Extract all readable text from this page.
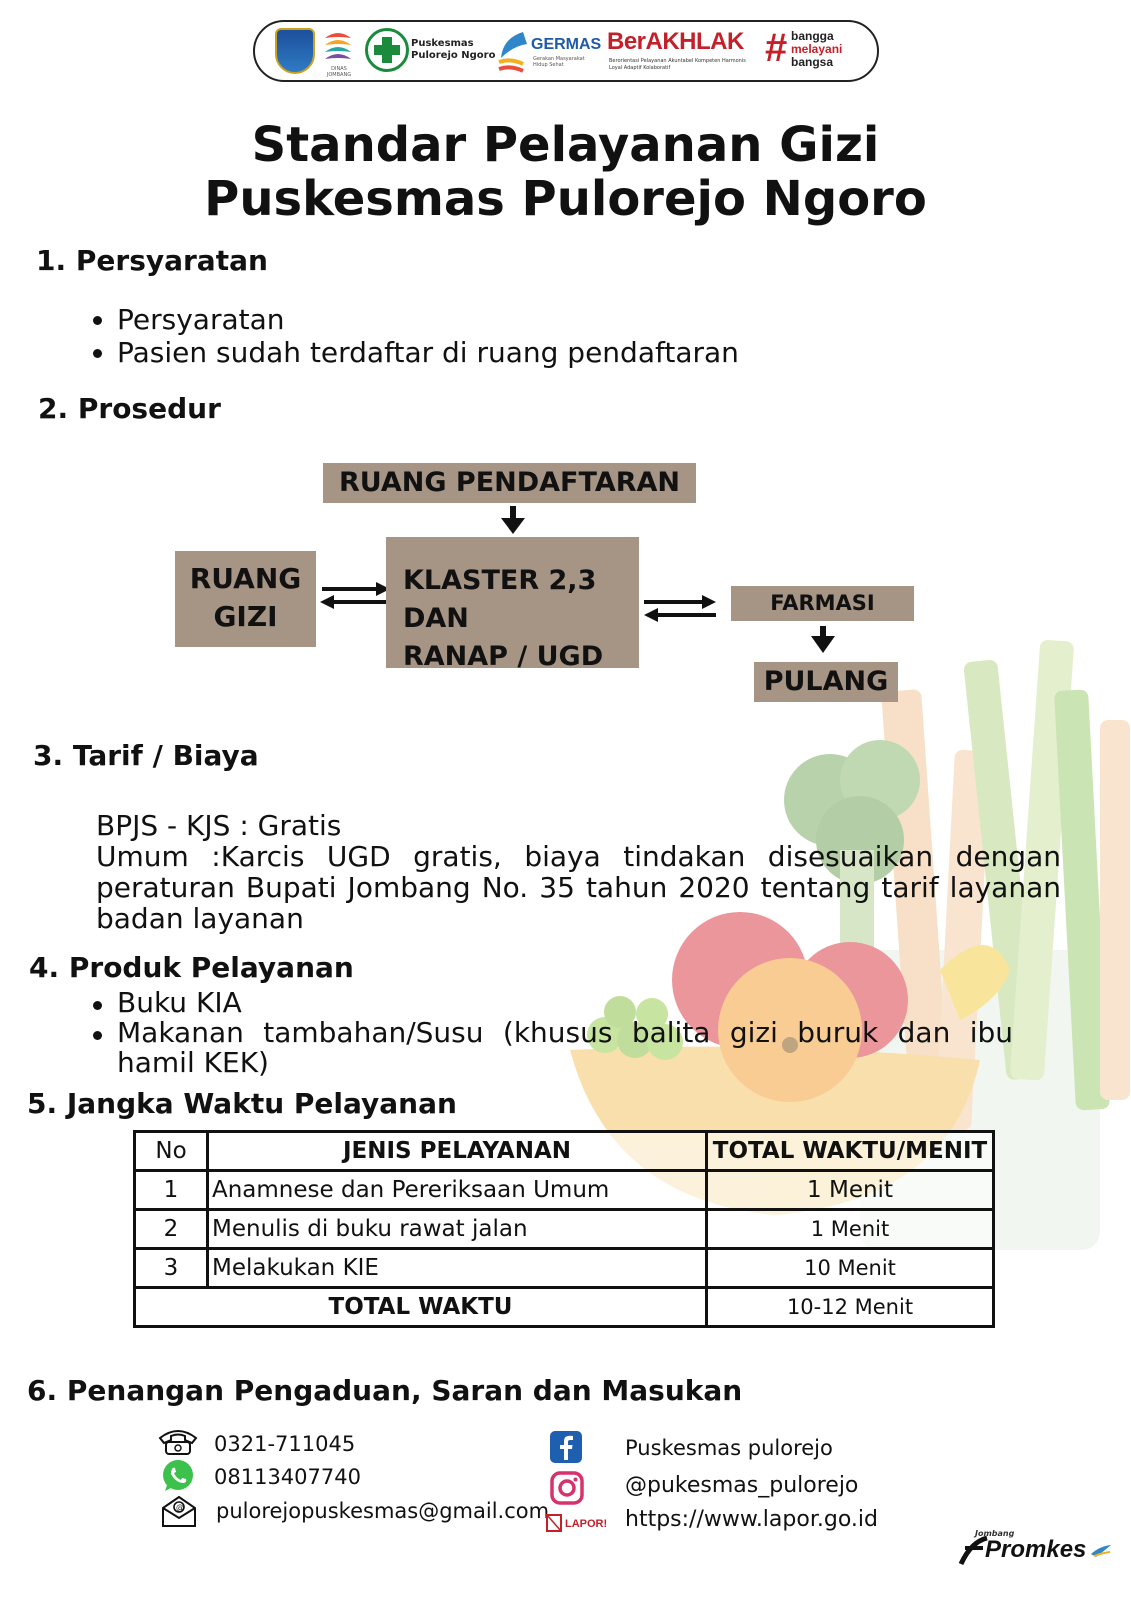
DINAS JOMBANG
Puskesmas
Pulorejo Ngoro
GERMAS
Gerakan Masyarakat Hidup Sehat
BerAKHLAK
Berorientasi Pelayanan Akuntabel Kompeten Harmonis Loyal Adaptif Kolaboratif	# bangga
melayani
bangsa
Standar Pelayanan Gizi
Puskesmas Pulorejo Ngoro
1. Persyaratan
Persyaratan
Pasien sudah terdaftar di ruang pendaftaran
2. Prosedur
RUANG PENDAFTARAN
RUANG
GIZI
KLASTER 2,3 DAN
RANAP / UGD
FARMASI
PULANG
3. Tarif / Biaya
BPJS - KJS : Gratis
Umum :Karcis UGD gratis, biaya tindakan disesuaikan dengan peraturan Bupati Jombang No. 35 tahun 2020 tentang tarif layanan badan layanan
4. Produk Pelayanan
Buku KIA
Makanan tambahan/Susu (khusus balita gizi buruk dan ibu hamil KEK)
5. Jangka Waktu Pelayanan
No	JENIS PELAYANAN	TOTAL WAKTU/MENIT
1	Anamnese dan Pereriksaan Umum	1 Menit
2	Menulis di buku rawat jalan	1 Menit
3	Melakukan KIE	10 Menit
TOTAL WAKTU		10-12 Menit
6. Penangan Pengaduan, Saran dan Masukan
0321-711045
08113407740
@ pulorejopuskesmas@gmail.com
Puskesmas pulorejo
@pukesmas_pulorejo
LAPOR! https://www.lapor.go.id
Jombang
Promkes
